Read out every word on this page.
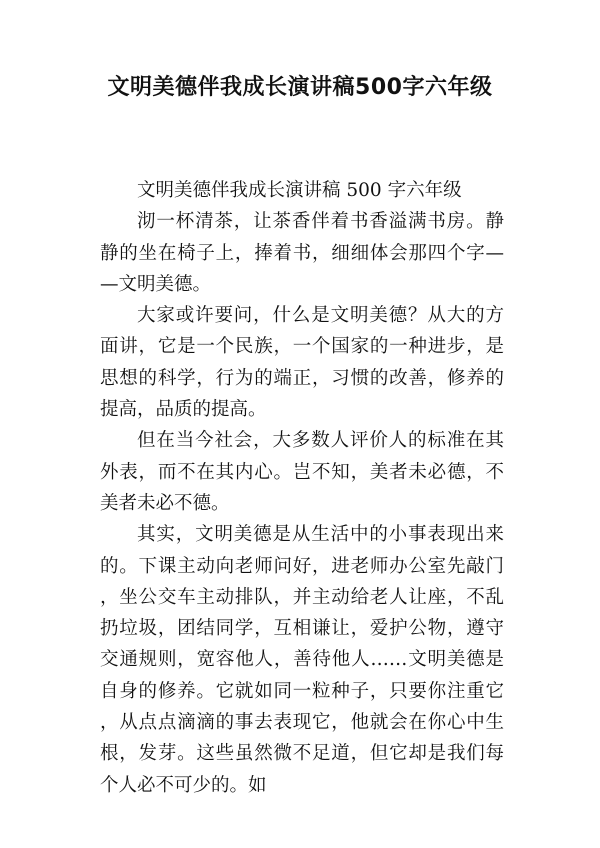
文明美德伴我成长演讲稿500字六年级

文明美德伴我成长演讲稿 500 字六年级

沏一杯清茶，让茶香伴着书香溢满书房。静静的坐在椅子上，捧着书，细细体会那四个字——文明美德。

大家或许要问，什么是文明美德？从大的方面讲，它是一个民族，一个国家的一种进步，是思想的科学，行为的端正，习惯的改善，修养的提高，品质的提高。

但在当今社会，大多数人评价人的标准在其外表，而不在其内心。岂不知，美者未必德，不美者未必不德。

其实，文明美德是从生活中的小事表现出来的。下课主动向老师问好，进老师办公室先敲门，坐公交车主动排队，并主动给老人让座，不乱扔垃圾，团结同学，互相谦让，爱护公物，遵守交通规则，宽容他人，善待他人……文明美德是自身的修养。它就如同一粒种子，只要你注重它，从点点滴滴的事去表现它，他就会在你心中生根，发芽。这些虽然微不足道，但它却是我们每个人必不可少的。如
